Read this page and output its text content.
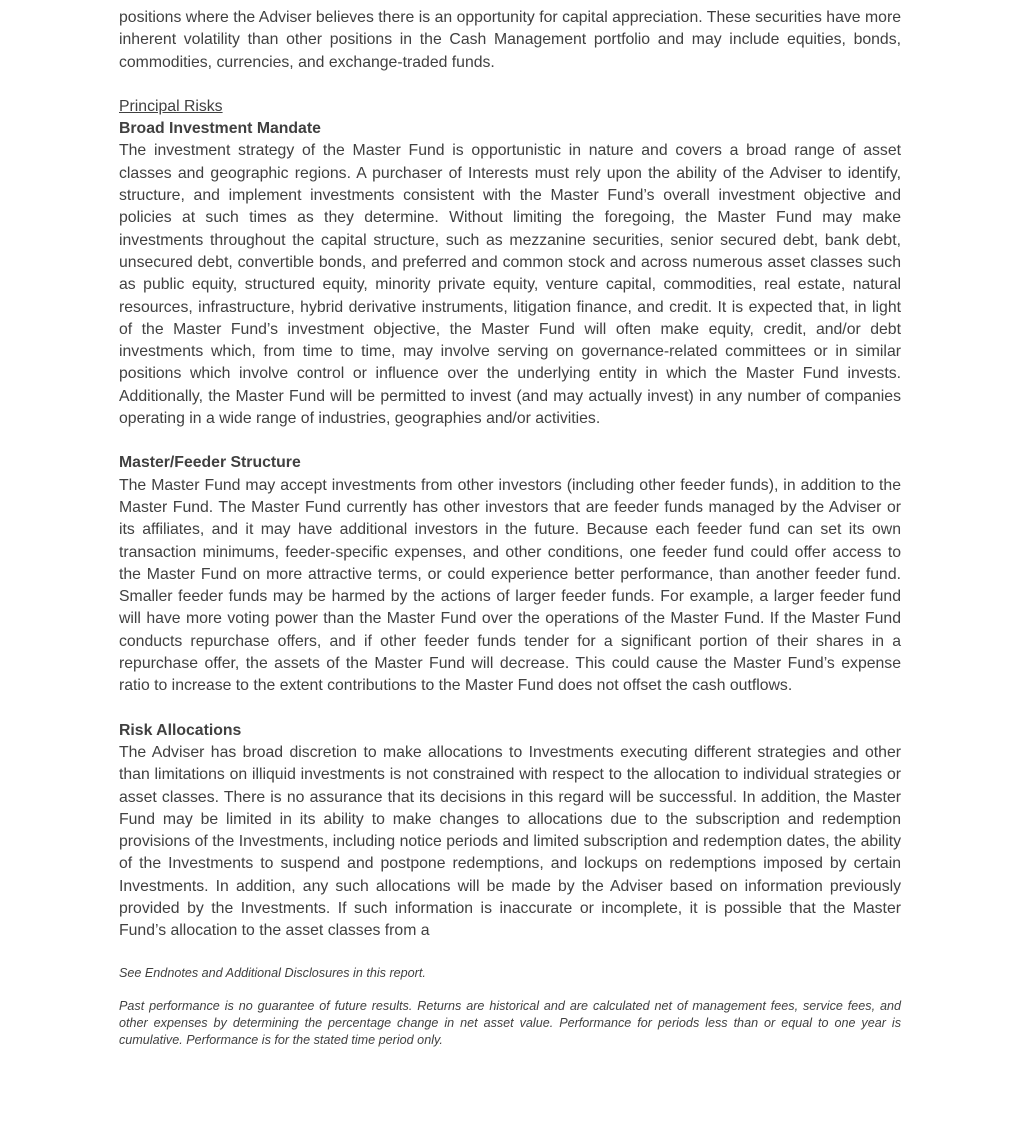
positions where the Adviser believes there is an opportunity for capital appreciation. These securities have more inherent volatility than other positions in the Cash Management portfolio and may include equities, bonds, commodities, currencies, and exchange-traded funds.

Principal Risks
Broad Investment Mandate

The investment strategy of the Master Fund is opportunistic in nature and covers a broad range of asset classes and geographic regions. A purchaser of Interests must rely upon the ability of the Adviser to identify, structure, and implement investments consistent with the Master Fund’s overall investment objective and policies at such times as they determine. Without limiting the foregoing, the Master Fund may make investments throughout the capital structure, such as mezzanine securities, senior secured debt, bank debt, unsecured debt, convertible bonds, and preferred and common stock and across numerous asset classes such as public equity, structured equity, minority private equity, venture capital, commodities, real estate, natural resources, infrastructure, hybrid derivative instruments, litigation finance, and credit. It is expected that, in light of the Master Fund’s investment objective, the Master Fund will often make equity, credit, and/or debt investments which, from time to time, may involve serving on governance-related committees or in similar positions which involve control or influence over the underlying entity in which the Master Fund invests. Additionally, the Master Fund will be permitted to invest (and may actually invest) in any number of companies operating in a wide range of industries, geographies and/or activities.

Master/Feeder Structure

The Master Fund may accept investments from other investors (including other feeder funds), in addition to the Master Fund. The Master Fund currently has other investors that are feeder funds managed by the Adviser or its affiliates, and it may have additional investors in the future. Because each feeder fund can set its own transaction minimums, feeder-specific expenses, and other conditions, one feeder fund could offer access to the Master Fund on more attractive terms, or could experience better performance, than another feeder fund. Smaller feeder funds may be harmed by the actions of larger feeder funds. For example, a larger feeder fund will have more voting power than the Master Fund over the operations of the Master Fund. If the Master Fund conducts repurchase offers, and if other feeder funds tender for a significant portion of their shares in a repurchase offer, the assets of the Master Fund will decrease. This could cause the Master Fund’s expense ratio to increase to the extent contributions to the Master Fund does not offset the cash outflows.

Risk Allocations

The Adviser has broad discretion to make allocations to Investments executing different strategies and other than limitations on illiquid investments is not constrained with respect to the allocation to individual strategies or asset classes. There is no assurance that its decisions in this regard will be successful. In addition, the Master Fund may be limited in its ability to make changes to allocations due to the subscription and redemption provisions of the Investments, including notice periods and limited subscription and redemption dates, the ability of the Investments to suspend and postpone redemptions, and lockups on redemptions imposed by certain Investments. In addition, any such allocations will be made by the Adviser based on information previously provided by the Investments. If such information is inaccurate or incomplete, it is possible that the Master Fund’s allocation to the asset classes from a

See Endnotes and Additional Disclosures in this report.

Past performance is no guarantee of future results. Returns are historical and are calculated net of management fees, service fees, and other expenses by determining the percentage change in net asset value. Performance for periods less than or equal to one year is cumulative. Performance is for the stated time period only.
